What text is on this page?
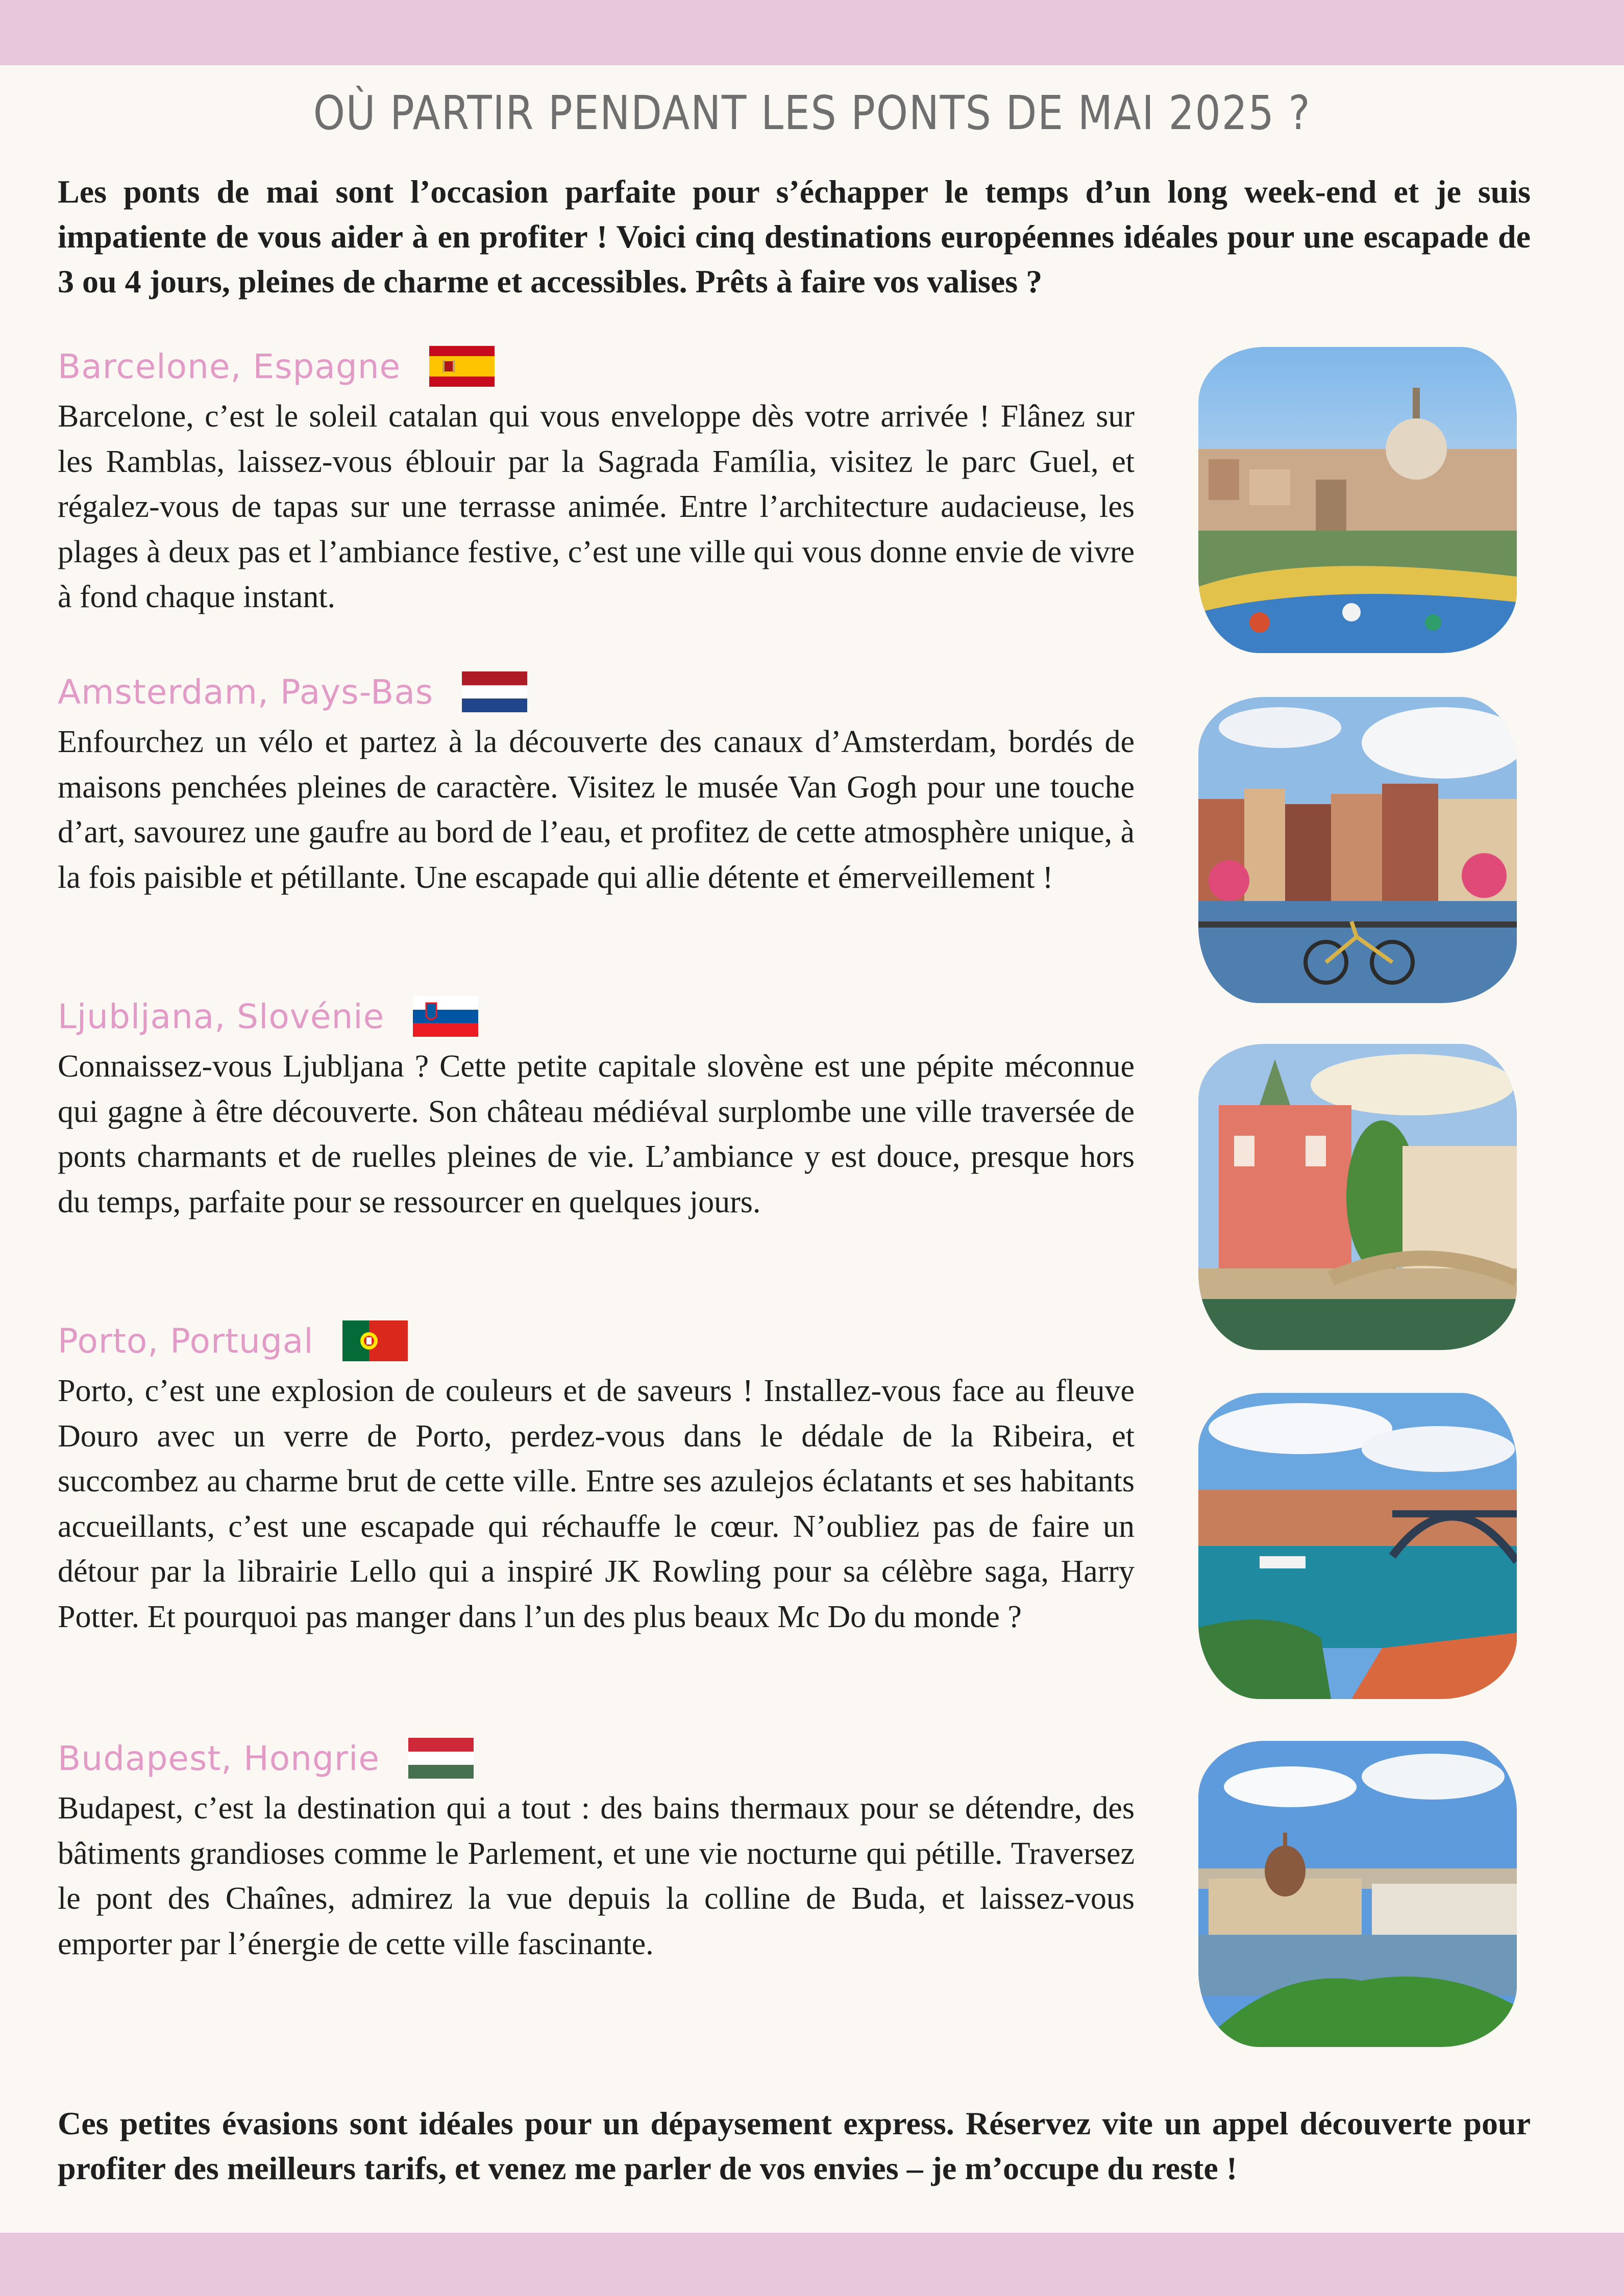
OÙ PARTIR PENDANT LES PONTS DE MAI 2025 ?

Les ponts de mai sont l’occasion parfaite pour s’échapper le temps d’un long week-end et je suis impatiente de vous aider à en profiter ! Voici cinq destinations européennes idéales pour une escapade de 3 ou 4 jours, pleines de charme et accessibles. Prêts à faire vos valises ?

Barcelone, Espagne

Barcelone, c’est le soleil catalan qui vous enveloppe dès votre arrivée ! Flânez sur les Ramblas, laissez-vous éblouir par la Sagrada Família, visitez le parc Guel, et régalez-vous de tapas sur une terrasse animée. Entre l’architecture audacieuse, les plages à deux pas et l’ambiance festive, c’est une ville qui vous donne envie de vivre à fond chaque instant.

Amsterdam, Pays-Bas

Enfourchez un vélo et partez à la découverte des canaux d’Amsterdam, bordés de maisons penchées pleines de caractère. Visitez le musée Van Gogh pour une touche d’art, savourez une gaufre au bord de l’eau, et profitez de cette atmosphère unique, à la fois paisible et pétillante. Une escapade qui allie détente et émerveillement !

Ljubljana, Slovénie

Connaissez-vous Ljubljana ? Cette petite capitale slovène est une pépite méconnue qui gagne à être découverte. Son château médiéval surplombe une ville traversée de ponts charmants et de ruelles pleines de vie. L’ambiance y est douce, presque hors du temps, parfaite pour se ressourcer en quelques jours.

Porto, Portugal

Porto, c’est une explosion de couleurs et de saveurs ! Installez-vous face au fleuve Douro avec un verre de Porto, perdez-vous dans le dédale de la Ribeira, et succombez au charme brut de cette ville. Entre ses azulejos éclatants et ses habitants accueillants, c’est une escapade qui réchauffe le cœur. N’oubliez pas de faire un détour par la librairie Lello qui a inspiré JK Rowling pour sa célèbre saga, Harry Potter. Et pourquoi pas manger dans l’un des plus beaux Mc Do du monde ?

Budapest, Hongrie

Budapest, c’est la destination qui a tout : des bains thermaux pour se détendre, des bâtiments grandioses comme le Parlement, et une vie nocturne qui pétille. Traversez le pont des Chaînes, admirez la vue depuis la colline de Buda, et laissez-vous emporter par l’énergie de cette ville fascinante.

Ces petites évasions sont idéales pour un dépaysement express. Réservez vite un appel découverte pour profiter des meilleurs tarifs, et venez me parler de vos envies – je m’occupe du reste !
